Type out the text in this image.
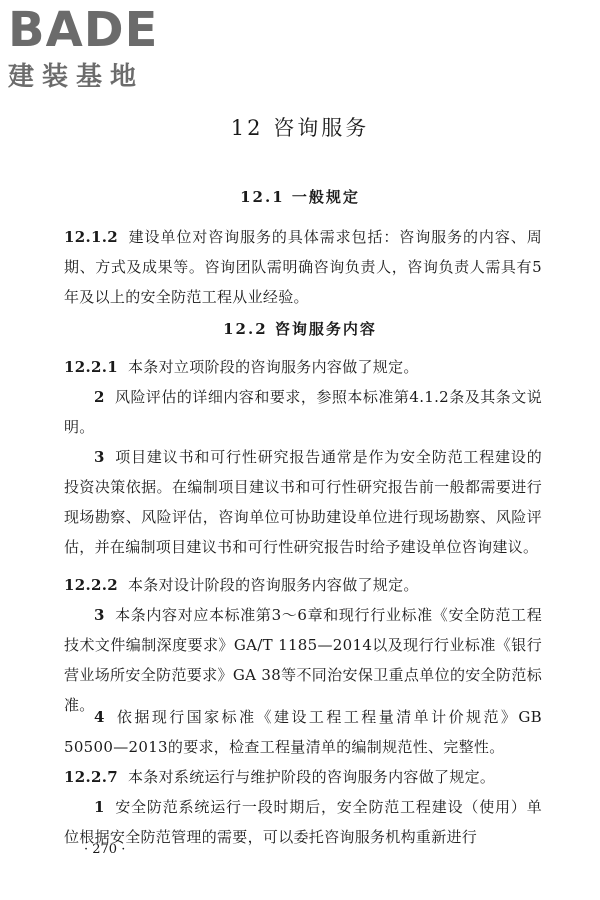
BADE
建装基地
12 咨询服务
12.1 一般规定
12.1.2 建设单位对咨询服务的具体需求包括：咨询服务的内容、周期、方式及成果等。咨询团队需明确咨询负责人，咨询负责人需具有5年及以上的安全防范工程从业经验。
12.2 咨询服务内容
12.2.1 本条对立项阶段的咨询服务内容做了规定。
2 风险评估的详细内容和要求，参照本标准第4.1.2条及其条文说明。
3 项目建议书和可行性研究报告通常是作为安全防范工程建设的投资决策依据。在编制项目建议书和可行性研究报告前一般都需要进行现场勘察、风险评估，咨询单位可协助建设单位进行现场勘察、风险评估，并在编制项目建议书和可行性研究报告时给予建设单位咨询建议。
12.2.2 本条对设计阶段的咨询服务内容做了规定。
3 本条内容对应本标准第3～6章和现行行业标准《安全防范工程技术文件编制深度要求》GA/T 1185—2014以及现行行业标准《银行营业场所安全防范要求》GA 38等不同治安保卫重点单位的安全防范标准。
4 依据现行国家标准《建设工程工程量清单计价规范》GB 50500—2013的要求，检查工程量清单的编制规范性、完整性。
12.2.7 本条对系统运行与维护阶段的咨询服务内容做了规定。
1 安全防范系统运行一段时期后，安全防范工程建设（使用）单位根据安全防范管理的需要，可以委托咨询服务机构重新进行
· 270 ·
